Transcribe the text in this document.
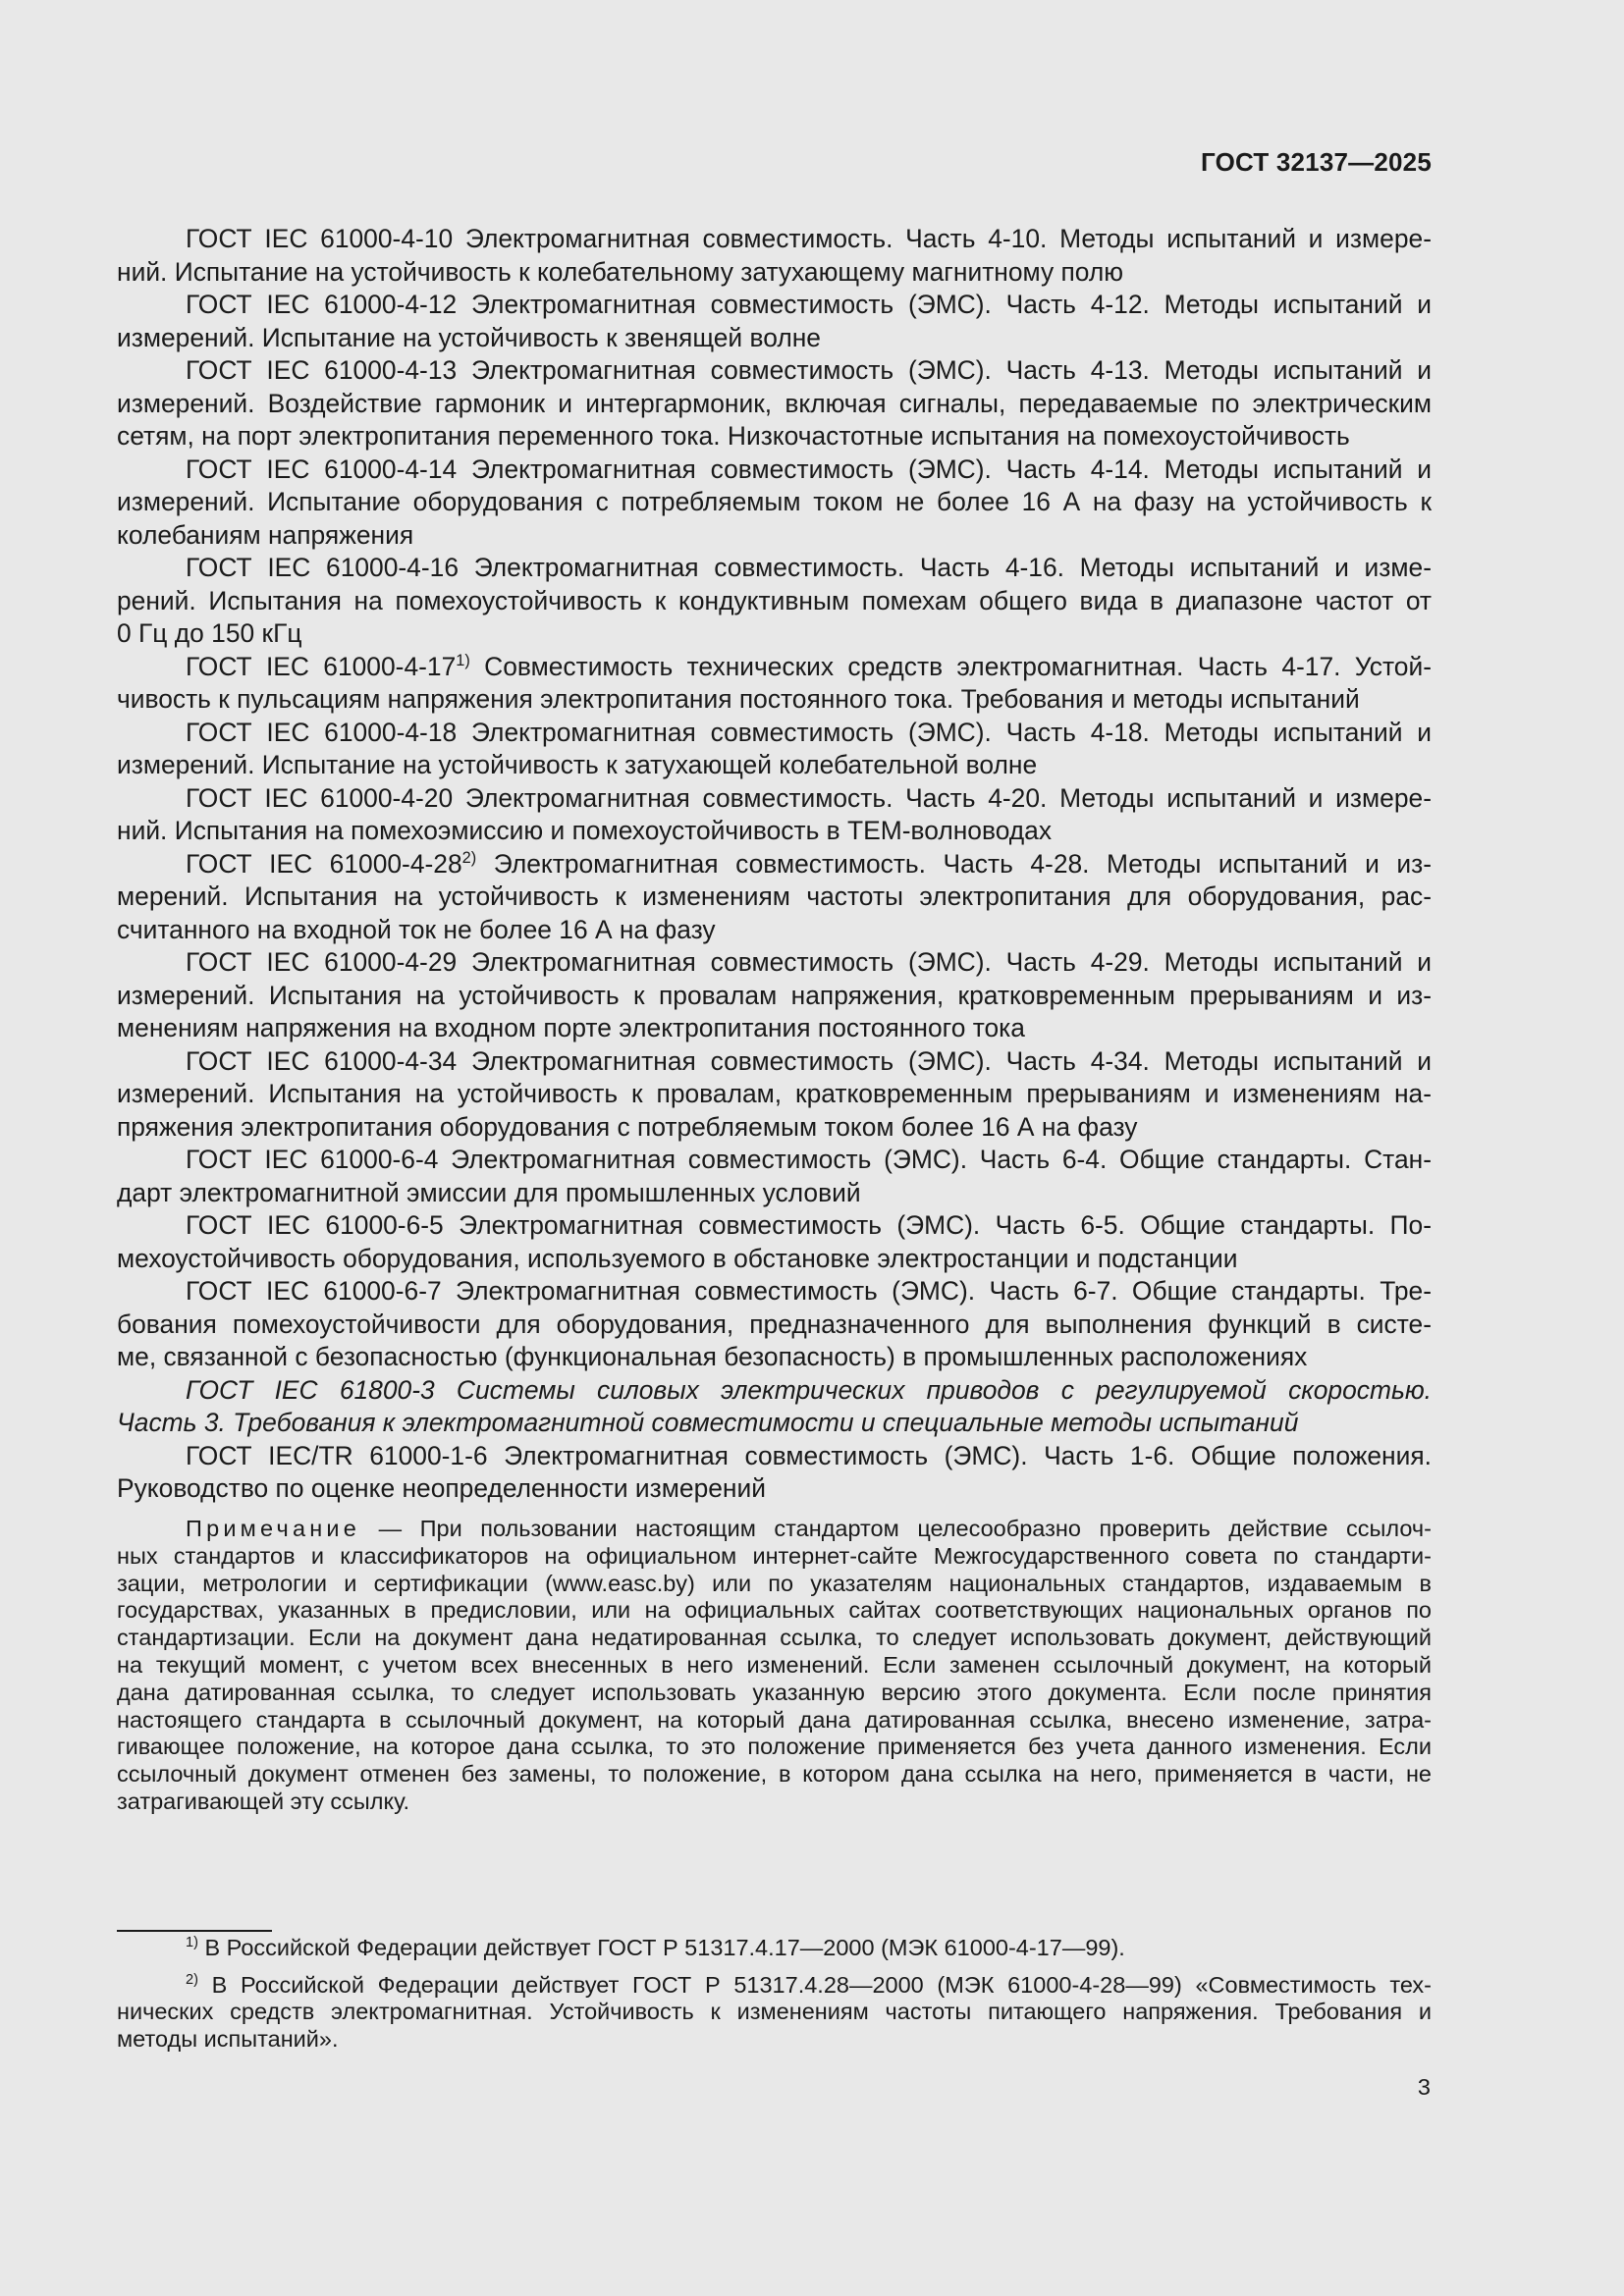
ГОСТ 32137—2025
ГОСТ IEC 61000-4-10 Электромагнитная совместимость. Часть 4-10. Методы испытаний и измере-
ний. Испытание на устойчивость к колебательному затухающему магнитному полю
ГОСТ IEC 61000-4-12 Электромагнитная совместимость (ЭМС). Часть 4-12. Методы испытаний и
измерений. Испытание на устойчивость к звенящей волне
ГОСТ IEC 61000-4-13 Электромагнитная совместимость (ЭМС). Часть 4-13. Методы испытаний и
измерений. Воздействие гармоник и интергармоник, включая сигналы, передаваемые по электрическим
сетям, на порт электропитания переменного тока. Низкочастотные испытания на помехоустойчивость
ГОСТ IEC 61000-4-14 Электромагнитная совместимость (ЭМС). Часть 4-14. Методы испытаний и
измерений. Испытание оборудования с потребляемым током не более 16 А на фазу на устойчивость к
колебаниям напряжения
ГОСТ IEC 61000-4-16 Электромагнитная совместимость. Часть 4-16. Методы испытаний и изме-
рений. Испытания на помехоустойчивость к кондуктивным помехам общего вида в диапазоне частот от
0 Гц до 150 кГц
ГОСТ IEC 61000-4-17$^{1)}$ Совместимость технических средств электромагнитная. Часть 4-17. Устой-
чивость к пульсациям напряжения электропитания постоянного тока. Требования и методы испытаний
ГОСТ IEC 61000-4-18 Электромагнитная совместимость (ЭМС). Часть 4-18. Методы испытаний и
измерений. Испытание на устойчивость к затухающей колебательной волне
ГОСТ IEC 61000-4-20 Электромагнитная совместимость. Часть 4-20. Методы испытаний и измере-
ний. Испытания на помехоэмиссию и помехоустойчивость в ТЕМ-волноводах
ГОСТ IEC 61000-4-28$^{2)}$ Электромагнитная совместимость. Часть 4-28. Методы испытаний и из-
мерений. Испытания на устойчивость к изменениям частоты электропитания для оборудования, рас-
считанного на входной ток не более 16 А на фазу
ГОСТ IEC 61000-4-29 Электромагнитная совместимость (ЭМС). Часть 4-29. Методы испытаний и
измерений. Испытания на устойчивость к провалам напряжения, кратковременным прерываниям и из-
менениям напряжения на входном порте электропитания постоянного тока
ГОСТ IEC 61000-4-34 Электромагнитная совместимость (ЭМС). Часть 4-34. Методы испытаний и
измерений. Испытания на устойчивость к провалам, кратковременным прерываниям и изменениям на-
пряжения электропитания оборудования с потребляемым током более 16 А на фазу
ГОСТ IEC 61000-6-4 Электромагнитная совместимость (ЭМС). Часть 6-4. Общие стандарты. Стан-
дарт электромагнитной эмиссии для промышленных условий
ГОСТ IEC 61000-6-5 Электромагнитная совместимость (ЭМС). Часть 6-5. Общие стандарты. По-
мехоустойчивость оборудования, используемого в обстановке электростанции и подстанции
ГОСТ IEC 61000-6-7 Электромагнитная совместимость (ЭМС). Часть 6-7. Общие стандарты. Тре-
бования помехоустойчивости для оборудования, предназначенного для выполнения функций в систе-
ме, связанной с безопасностью (функциональная безопасность) в промышленных расположениях
ГОСТ IEC 61800-3 Системы силовых электрических приводов с регулируемой скоростью.
Часть 3. Требования к электромагнитной совместимости и специальные методы испытаний
ГОСТ IEC/TR 61000-1-6 Электромагнитная совместимость (ЭМС). Часть 1-6. Общие положения.
Руководство по оценке неопределенности измерений
Примечание — При пользовании настоящим стандартом целесообразно проверить действие ссылоч-
ных стандартов и классификаторов на официальном интернет-сайте Межгосударственного совета по стандарти-
зации, метрологии и сертификации (www.easc.by) или по указателям национальных стандартов, издаваемым в
государствах, указанных в предисловии, или на официальных сайтах соответствующих национальных органов по
стандартизации. Если на документ дана недатированная ссылка, то следует использовать документ, действующий
на текущий момент, с учетом всех внесенных в него изменений. Если заменен ссылочный документ, на который
дана датированная ссылка, то следует использовать указанную версию этого документа. Если после принятия
настоящего стандарта в ссылочный документ, на который дана датированная ссылка, внесено изменение, затра-
гивающее положение, на которое дана ссылка, то это положение применяется без учета данного изменения. Если
ссылочный документ отменен без замены, то положение, в котором дана ссылка на него, применяется в части, не
затрагивающей эту ссылку.
$^{1)}$ В Российской Федерации действует ГОСТ Р 51317.4.17—2000 (МЭК 61000-4-17—99).
$^{2)}$ В Российской Федерации действует ГОСТ Р 51317.4.28—2000 (МЭК 61000-4-28—99) «Совместимость тех-
нических средств электромагнитная. Устойчивость к изменениям частоты питающего напряжения. Требования и
методы испытаний».
3
